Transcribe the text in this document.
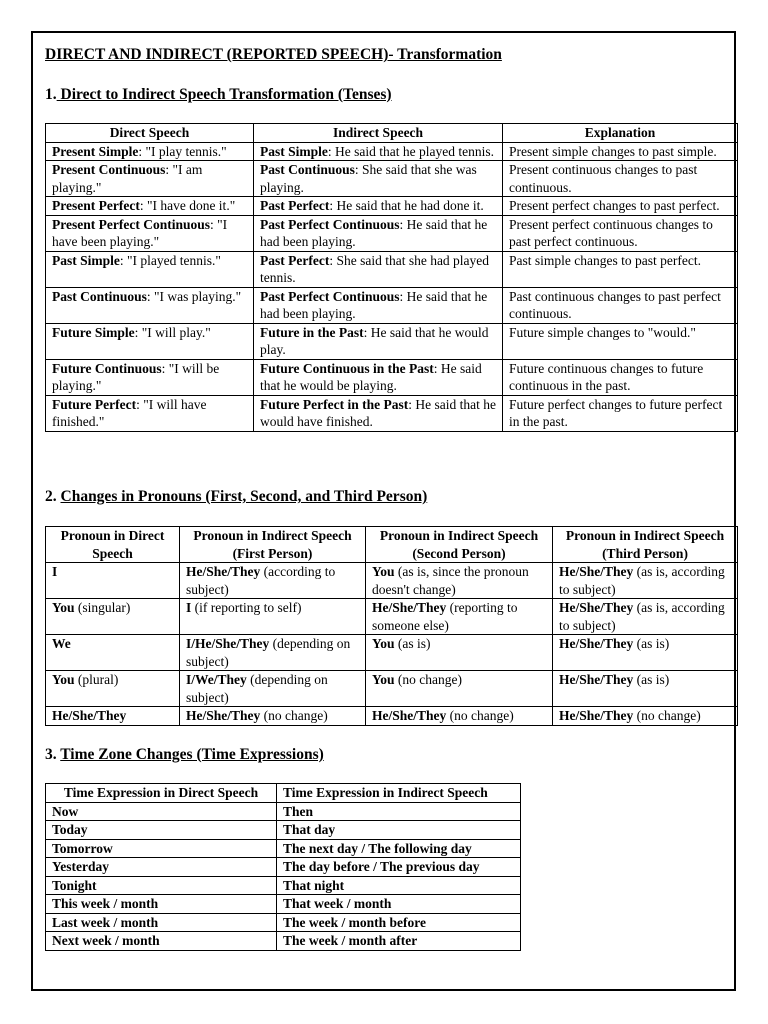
DIRECT AND INDIRECT (REPORTED SPEECH)- Transformation
1. Direct to Indirect Speech Transformation (Tenses)
Direct Speech	Indirect Speech	Explanation
Present Simple: "I play tennis."	Past Simple: He said that he played tennis.	Present simple changes to past simple.
Present Continuous: "I am playing."	Past Continuous: She said that she was playing.	Present continuous changes to past continuous.
Present Perfect: "I have done it."	Past Perfect: He said that he had done it.	Present perfect changes to past perfect.
Present Perfect Continuous: "I have been playing."	Past Perfect Continuous: He said that he had been playing.	Present perfect continuous changes to past perfect continuous.
Past Simple: "I played tennis."	Past Perfect: She said that she had played tennis.	Past simple changes to past perfect.
Past Continuous: "I was playing."	Past Perfect Continuous: He said that he had been playing.	Past continuous changes to past perfect continuous.
Future Simple: "I will play."	Future in the Past: He said that he would play.	Future simple changes to "would."
Future Continuous: "I will be playing."	Future Continuous in the Past: He said that he would be playing.	Future continuous changes to future continuous in the past.
Future Perfect: "I will have finished."	Future Perfect in the Past: He said that he would have finished.	Future perfect changes to future perfect in the past.
2. Changes in Pronouns (First, Second, and Third Person)
Pronoun in Direct Speech	Pronoun in Indirect Speech (First Person)	Pronoun in Indirect Speech (Second Person)	Pronoun in Indirect Speech (Third Person)
I	He/She/They (according to subject)	You (as is, since the pronoun doesn't change)	He/She/They (as is, according to subject)
You (singular)	I (if reporting to self)	He/She/They (reporting to someone else)	He/She/They (as is, according to subject)
We	I/He/She/They (depending on subject)	You (as is)	He/She/They (as is)
You (plural)	I/We/They (depending on subject)	You (no change)	He/She/They (as is)
He/She/They	He/She/They (no change)	He/She/They (no change)	He/She/They (no change)
3. Time Zone Changes (Time Expressions)
Time Expression in Direct Speech	Time Expression in Indirect Speech
Now	Then
Today	That day
Tomorrow	The next day / The following day
Yesterday	The day before / The previous day
Tonight	That night
This week / month	That week / month
Last week / month	The week / month before
Next week / month	The week / month after
